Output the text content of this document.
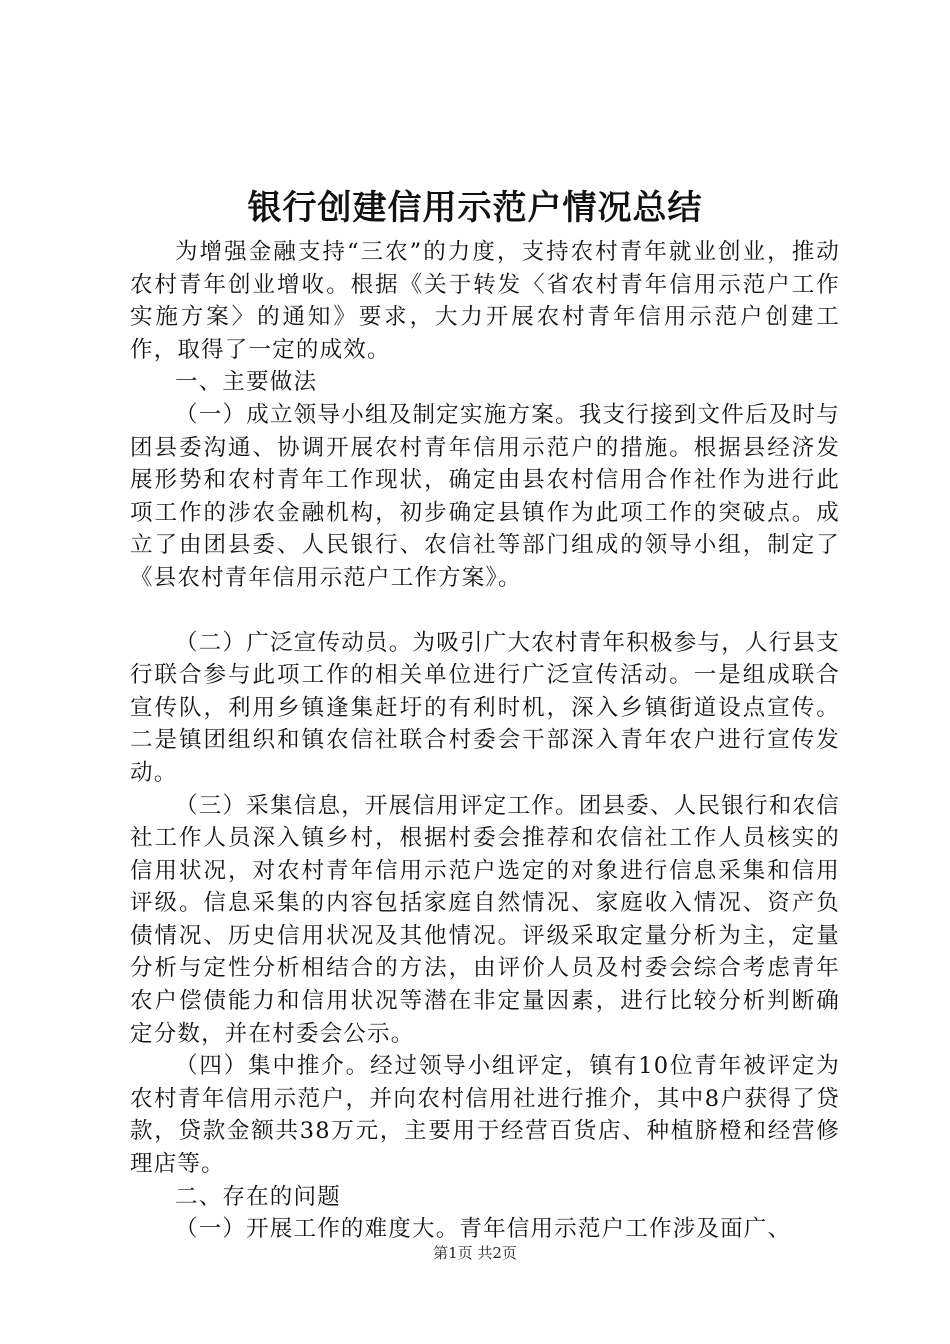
银行创建信用示范户情况总结

为增强金融支持“三农”的力度，支持农村青年就业创业，推动农村青年创业增收。根据《关于转发〈省农村青年信用示范户工作实施方案〉的通知》要求，大力开展农村青年信用示范户创建工作，取得了一定的成效。

一、主要做法

（一）成立领导小组及制定实施方案。我支行接到文件后及时与团县委沟通、协调开展农村青年信用示范户的措施。根据县经济发展形势和农村青年工作现状，确定由县农村信用合作社作为进行此项工作的涉农金融机构，初步确定县镇作为此项工作的突破点。成立了由团县委、人民银行、农信社等部门组成的领导小组，制定了《县农村青年信用示范户工作方案》。

（二）广泛宣传动员。为吸引广大农村青年积极参与，人行县支行联合参与此项工作的相关单位进行广泛宣传活动。一是组成联合宣传队，利用乡镇逢集赶圩的有利时机，深入乡镇街道设点宣传。二是镇团组织和镇农信社联合村委会干部深入青年农户进行宣传发动。

（三）采集信息，开展信用评定工作。团县委、人民银行和农信社工作人员深入镇乡村，根据村委会推荐和农信社工作人员核实的信用状况，对农村青年信用示范户选定的对象进行信息采集和信用评级。信息采集的内容包括家庭自然情况、家庭收入情况、资产负债情况、历史信用状况及其他情况。评级采取定量分析为主，定量分析与定性分析相结合的方法，由评价人员及村委会综合考虑青年农户偿债能力和信用状况等潜在非定量因素，进行比较分析判断确定分数，并在村委会公示。

（四）集中推介。经过领导小组评定，镇有10位青年被评定为农村青年信用示范户，并向农村信用社进行推介，其中8户获得了贷款，贷款金额共38万元，主要用于经营百货店、种植脐橙和经营修理店等。

二、存在的问题

（一）开展工作的难度大。青年信用示范户工作涉及面广、

第1页 共2页
